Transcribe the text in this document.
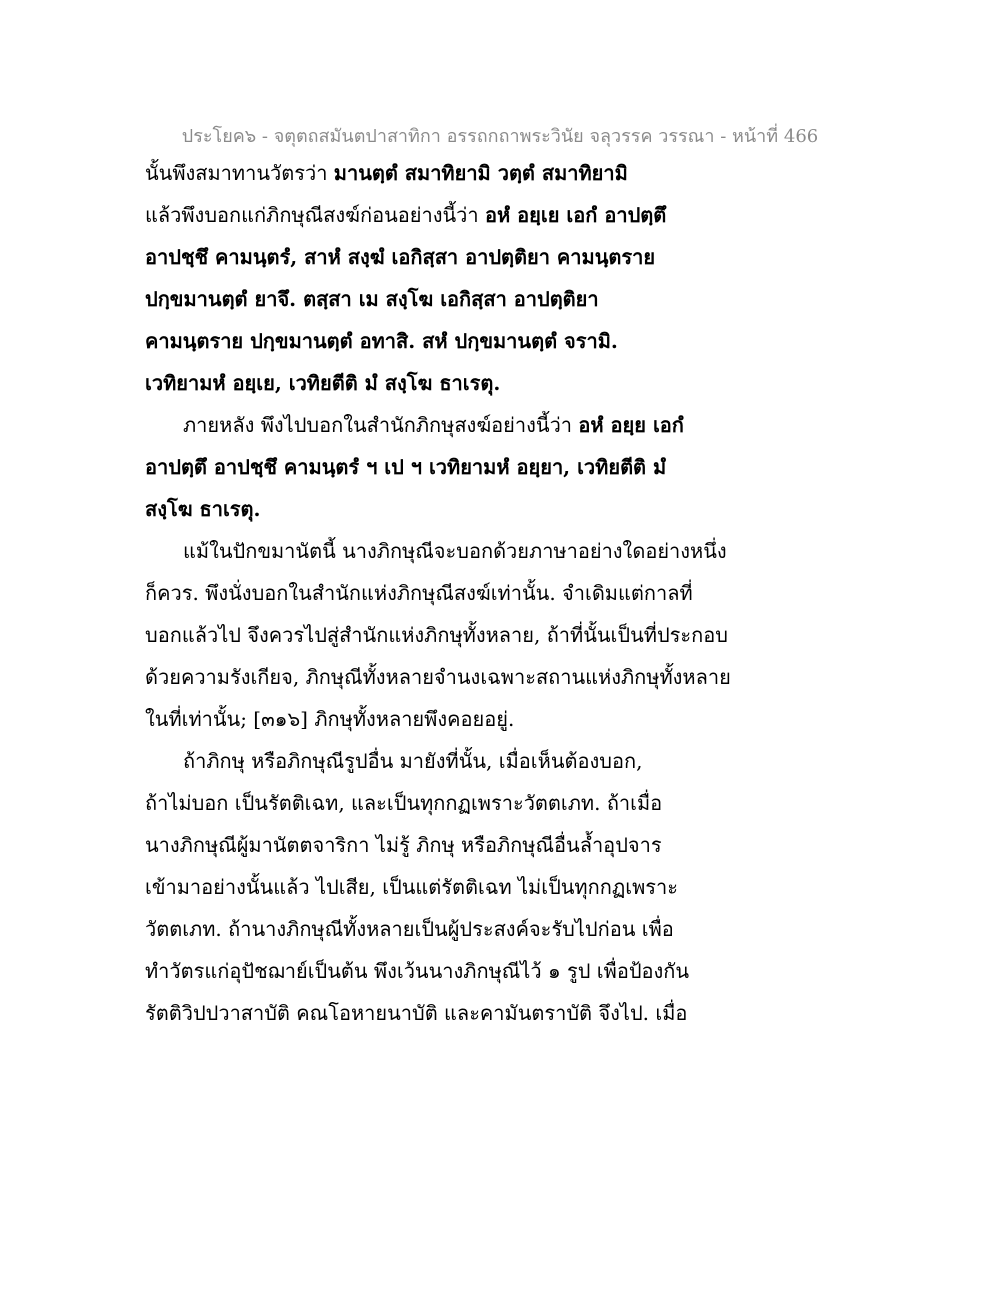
ประโยค๖ - จตุตถสมันตปาสาทิกา อรรถกถาพระวินัย จลุวรรค วรรณา - หน้าที่ 466
นั้นพึงสมาทานวัตรว่า มานตฺตํ สมาทิยามิ วตฺตํ สมาทิยามิ
แล้วพึงบอกแก่ภิกษุณีสงฆ์ก่อนอย่างนี้ว่า อหํ อยฺเย เอกํ อาปตฺตึ
อาปชฺชึ คามนฺตรํ, สาหํ สงฺฆํ เอกิสฺสา อาปตฺติยา คามนฺตราย
ปกฺขมานตฺตํ ยาจึ. ตสฺสา เม สงฺโฆ เอกิสฺสา อาปตฺติยา
คามนฺตราย ปกฺขมานตฺตํ อทาสิ. สหํ ปกฺขมานตฺตํ จรามิ.
เวทิยามหํ อยฺเย, เวทิยตีติ มํ สงฺโฆ ธาเรตุ.
ภายหลัง พึงไปบอกในสำนักภิกษุสงฆ์อย่างนี้ว่า อหํ อยฺย เอกํ
อาปตฺตึ อาปชฺชึ คามนฺตรํ ฯ เป ฯ เวทิยามหํ อยฺยา, เวทิยตีติ มํ
สงฺโฆ ธาเรตุ.
แม้ในปักขมานัตนี้ นางภิกษุณีจะบอกด้วยภาษาอย่างใดอย่างหนึ่ง
ก็ควร. พึงนั่งบอกในสำนักแห่งภิกษุณีสงฆ์เท่านั้น. จำเดิมแต่กาลที่
บอกแล้วไป จึงควรไปสู่สำนักแห่งภิกษุทั้งหลาย, ถ้าที่นั้นเป็นที่ประกอบ
ด้วยความรังเกียจ, ภิกษุณีทั้งหลายจำนงเฉพาะสถานแห่งภิกษุทั้งหลาย
ในที่เท่านั้น; [๓๑๖] ภิกษุทั้งหลายพึงคอยอยู่.
ถ้าภิกษุ หรือภิกษุณีรูปอื่น มายังที่นั้น, เมื่อเห็นต้องบอก,
ถ้าไม่บอก เป็นรัตติเฉท, และเป็นทุกกฏเพราะวัตตเภท. ถ้าเมื่อ
นางภิกษุณีผู้มานัตตจาริกา ไม่รู้ ภิกษุ หรือภิกษุณีอื่นล้ำอุปจาร
เข้ามาอย่างนั้นแล้ว ไปเสีย, เป็นแต่รัตติเฉท ไม่เป็นทุกกฏเพราะ
วัตตเภท. ถ้านางภิกษุณีทั้งหลายเป็นผู้ประสงค์จะรับไปก่อน เพื่อ
ทำวัตรแก่อุปัชฌาย์เป็นต้น พึงเว้นนางภิกษุณีไว้ ๑ รูป เพื่อป้องกัน
รัตติวิปปวาสาบัติ คณโอหายนาบัติ และคามันตราบัติ จึงไป. เมื่อ
